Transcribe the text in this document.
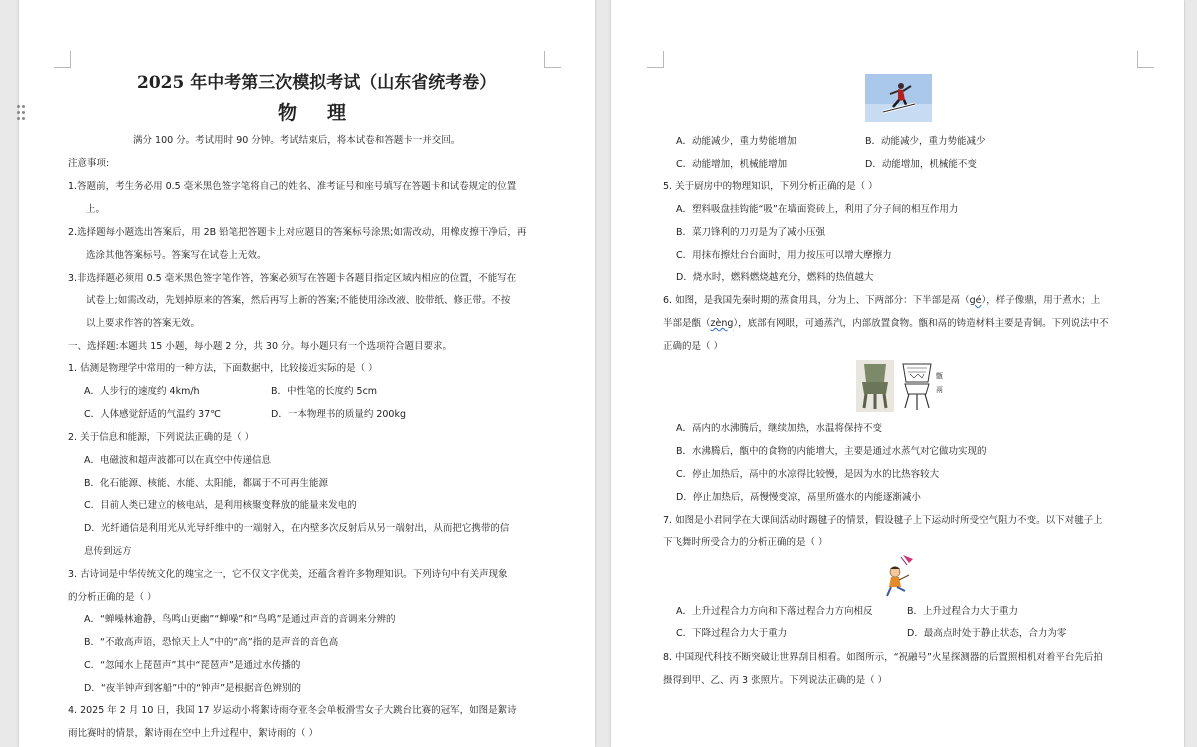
2025 年中考第三次模拟考试（山东省统考卷）
物理
满分 100 分。考试用时 90 分钟。考试结束后，将本试卷和答题卡一并交回。
注意事项:
1.答题前，考生务必用 0.5 毫米黑色签字笔将自己的姓名、准考证号和座号填写在答题卡和试卷规定的位置
上。
2.选择题每小题选出答案后，用 2B 铅笔把答题卡上对应题目的答案标号涂黑;如需改动，用橡皮擦干净后，再
选涂其他答案标号。答案写在试卷上无效。
3.非选择题必须用 0.5 毫米黑色签字笔作答，答案必须写在答题卡各题目指定区域内相应的位置，不能写在
试卷上;如需改动，先划掉原来的答案，然后再写上新的答案;不能使用涂改液、胶带纸、修正带。不按
以上要求作答的答案无效。
一、选择题:本题共 15 小题，每小题 2 分，共 30 分。每小题只有一个选项符合题目要求。
1. 估测是物理学中常用的一种方法，下面数据中，比较接近实际的是（ ）
A．人步行的速度约 4km/h	B．中性笔的长度约 5cm
C．人体感觉舒适的气温约 37℃	D．一本物理书的质量约 200kg
2. 关于信息和能源，下列说法正确的是（ ）
A．电磁波和超声波都可以在真空中传递信息
B．化石能源、核能、水能、太阳能，都属于不可再生能源
C．目前人类已建立的核电站，是利用核聚变释放的能量来发电的
D．光纤通信是利用光从光导纤维中的一端射入，在内壁多次反射后从另一端射出，从而把它携带的信
息传到远方
3. 古诗词是中华传统文化的瑰宝之一，它不仅文字优美，还蕴含着许多物理知识。下列诗句中有关声现象
的分析正确的是（ ）
A．“蝉噪林逾静，鸟鸣山更幽”“蝉噪”和“鸟鸣”是通过声音的音调来分辨的
B．“不敢高声语，恐惊天上人”中的“高”指的是声音的音色高
C．“忽闻水上琵琶声”其中“琵琶声”是通过水传播的
D．“夜半钟声到客船”中的“钟声”是根据音色辨别的
4. 2025 年 2 月 10 日，我国 17 岁运动小将絮诗雨夺亚冬会单板滑雪女子大跳台比赛的冠军，如图是絮诗
雨比赛时的情景，絮诗雨在空中上升过程中，絮诗雨的（ ）

A．动能减少，重力势能增加	B．动能减少，重力势能减少
C．动能增加，机械能增加	D．动能增加，机械能不变
5. 关于厨房中的物理知识，下列分析正确的是（ ）
A．塑料吸盘挂钩能“吸”在墙面瓷砖上，利用了分子间的相互作用力
B．菜刀锋利的刀刃是为了减小压强
C．用抹布擦灶台台面时，用力按压可以增大摩擦力
D．烧水时，燃料燃烧越充分，燃料的热值越大
6. 如图，是我国先秦时期的蒸食用具，分为上、下两部分：下半部是鬲（gé），样子像鼎，用于煮水；上
半部是甑（zèng），底部有网眼，可通蒸汽，内部放置食物。甑和鬲的铸造材料主要是青铜。下列说法中不
正确的是（ ）
甑
鬲
A．鬲内的水沸腾后，继续加热，水温将保持不变
B．水沸腾后，甑中的食物的内能增大，主要是通过水蒸气对它做功实现的
C．停止加热后，鬲中的水凉得比较慢，是因为水的比热容较大
D．停止加热后，鬲慢慢变凉，鬲里所盛水的内能逐渐减小
7. 如图是小君同学在大课间活动时踢毽子的情景，假设毽子上下运动时所受空气阻力不变。以下对毽子上
下飞舞时所受合力的分析正确的是（ ）
A．上升过程合力方向和下落过程合力方向相反	B．上升过程合力大于重力
C．下降过程合力大于重力	D．最高点时处于静止状态，合力为零
8. 中国现代科技不断突破让世界刮目相看。如图所示，“祝融号”火星探测器的后置照相机对着平台先后拍
摄得到甲、乙、丙 3 张照片。下列说法正确的是（ ）
